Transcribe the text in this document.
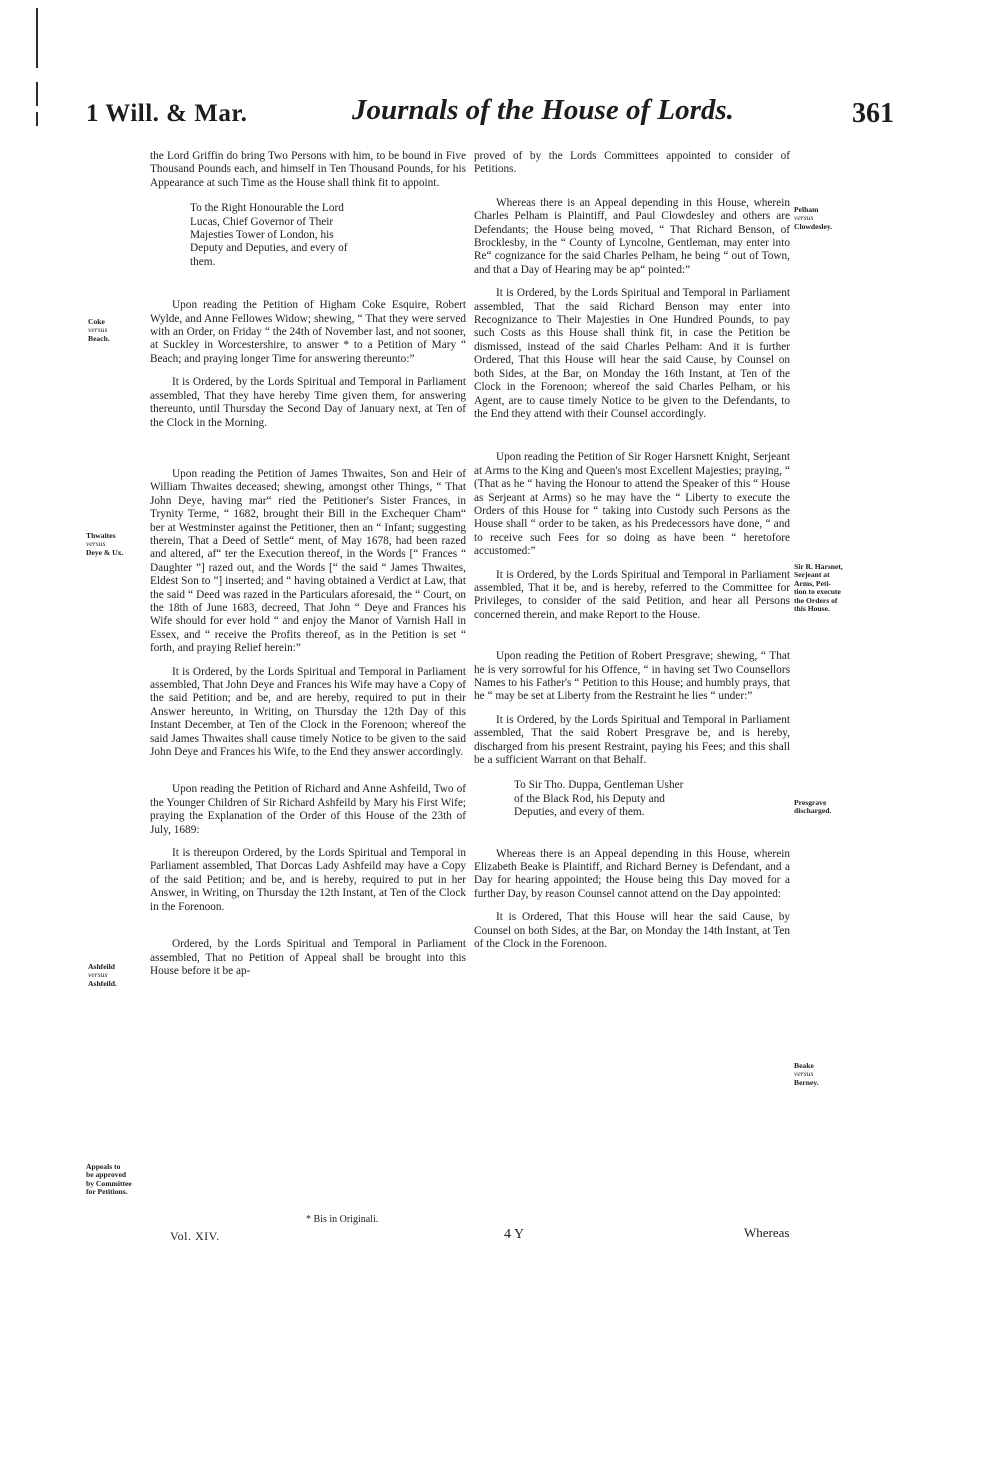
1 Will. & Mar.	Journals of the House of Lords.	361

the Lord Griffin do bring Two Persons with him, to be bound in Five Thousand Pounds each, and himself in Ten Thousand Pounds, for his Appearance at such Time as the House shall think fit to appoint.

To the Right Honourable the Lord Lucas, Chief Governor of Their Majesties Tower of London, his Deputy and Deputies, and every of them.

Upon reading the Petition of Higham Coke Esquire, Robert Wylde, and Anne Fellowes Widow; shewing, “ That they were served with an Order, on Friday “ the 24th of November last, and not sooner, at Suckley in Worcestershire, to answer * to a Petition of Mary “ Beach; and praying longer Time for answering thereunto:”

It is Ordered, by the Lords Spiritual and Temporal in Parliament assembled, That they have hereby Time given them, for answering thereunto, until Thursday the Second Day of January next, at Ten of the Clock in the Morning.

Upon reading the Petition of James Thwaites, Son and Heir of William Thwaites deceased; shewing, amongst other Things, “ That John Deye, having mar“ ried the Petitioner's Sister Frances, in Trynity Terme, “ 1682, brought their Bill in the Exchequer Cham“ ber at Westminster against the Petitioner, then an “ Infant; suggesting therein, That a Deed of Settle“ ment, of May 1678, had been razed and altered, af“ ter the Execution thereof, in the Words [“ Frances “ Daughter ”] razed out, and the Words [“ the said “ James Thwaites, Eldest Son to ”] inserted; and “ having obtained a Verdict at Law, that the said “ Deed was razed in the Particulars aforesaid, the “ Court, on the 18th of June 1683, decreed, That John “ Deye and Frances his Wife should for ever hold “ and enjoy the Manor of Varnish Hall in Essex, and “ receive the Profits thereof, as in the Petition is set “ forth, and praying Relief herein:”

It is Ordered, by the Lords Spiritual and Temporal in Parliament assembled, That John Deye and Frances his Wife may have a Copy of the said Petition; and be, and are hereby, required to put in their Answer hereunto, in Writing, on Thursday the 12th Day of this Instant December, at Ten of the Clock in the Forenoon; whereof the said James Thwaites shall cause timely Notice to be given to the said John Deye and Frances his Wife, to the End they answer accordingly.

Upon reading the Petition of Richard and Anne Ashfeild, Two of the Younger Children of Sir Richard Ashfeild by Mary his First Wife; praying the Explanation of the Order of this House of the 23th of July, 1689:

It is thereupon Ordered, by the Lords Spiritual and Temporal in Parliament assembled, That Dorcas Lady Ashfeild may have a Copy of the said Petition; and be, and is hereby, required to put in her Answer, in Writing, on Thursday the 12th Instant, at Ten of the Clock in the Forenoon.

Ordered, by the Lords Spiritual and Temporal in Parliament assembled, That no Petition of Appeal shall be brought into this House before it be ap-

proved of by the Lords Committees appointed to consider of Petitions.

Whereas there is an Appeal depending in this House, wherein Charles Pelham is Plaintiff, and Paul Clowdesley and others are Defendants; the House being moved, “ That Richard Benson, of Brocklesby, in the “ County of Lyncolne, Gentleman, may enter into Re“ cognizance for the said Charles Pelham, he being “ out of Town, and that a Day of Hearing may be ap“ pointed:”

It is Ordered, by the Lords Spiritual and Temporal in Parliament assembled, That the said Richard Benson may enter into Recognizance to Their Majesties in One Hundred Pounds, to pay such Costs as this House shall think fit, in case the Petition be dismissed, instead of the said Charles Pelham: And it is further Ordered, That this House will hear the said Cause, by Counsel on both Sides, at the Bar, on Monday the 16th Instant, at Ten of the Clock in the Forenoon; whereof the said Charles Pelham, or his Agent, are to cause timely Notice to be given to the Defendants, to the End they attend with their Counsel accordingly.

Upon reading the Petition of Sir Roger Harsnett Knight, Serjeant at Arms to the King and Queen's most Excellent Majesties; praying, “ (That as he “ having the Honour to attend the Speaker of this “ House as Serjeant at Arms) so he may have the “ Liberty to execute the Orders of this House for “ taking into Custody such Persons as the House shall “ order to be taken, as his Predecessors have done, “ and to receive such Fees for so doing as have been “ heretofore accustomed:”

It is Ordered, by the Lords Spiritual and Temporal in Parliament assembled, That it be, and is hereby, referred to the Committee for Privileges, to consider of the said Petition, and hear all Persons concerned therein, and make Report to the House.

Upon reading the Petition of Robert Presgrave; shewing, “ That he is very sorrowful for his Offence, “ in having set Two Counsellors Names to his Father's “ Petition to this House; and humbly prays, that he “ may be set at Liberty from the Restraint he lies “ under:”

It is Ordered, by the Lords Spiritual and Temporal in Parliament assembled, That the said Robert Presgrave be, and is hereby, discharged from his present Restraint, paying his Fees; and this shall be a sufficient Warrant on that Behalf.

To Sir Tho. Duppa, Gentleman Usher of the Black Rod, his Deputy and Deputies, and every of them.

Whereas there is an Appeal depending in this House, wherein Elizabeth Beake is Plaintiff, and Richard Berney is Defendant, and a Day for hearing appointed; the House being this Day moved for a further Day, by reason Counsel cannot attend on the Day appointed:

It is Ordered, That this House will hear the said Cause, by Counsel on both Sides, at the Bar, on Monday the 14th Instant, at Ten of the Clock in the Forenoon.

Coke
versus
Beach.
Thwaites
versus
Deye & Ux.
Ashfeild
versus
Ashfeild.
Appeals to
be approved
by Committee
for Petitions.
Pelham
versus
Clowdesley.
Sir R. Harsnet,
Serjeant at
Arms, Peti-
tion to execute
the Orders of
this House.
Presgrave
discharged.
Beake
versus
Berney.
* Bis in Originali.
Vol. XIV.	4 Y	Whereas
